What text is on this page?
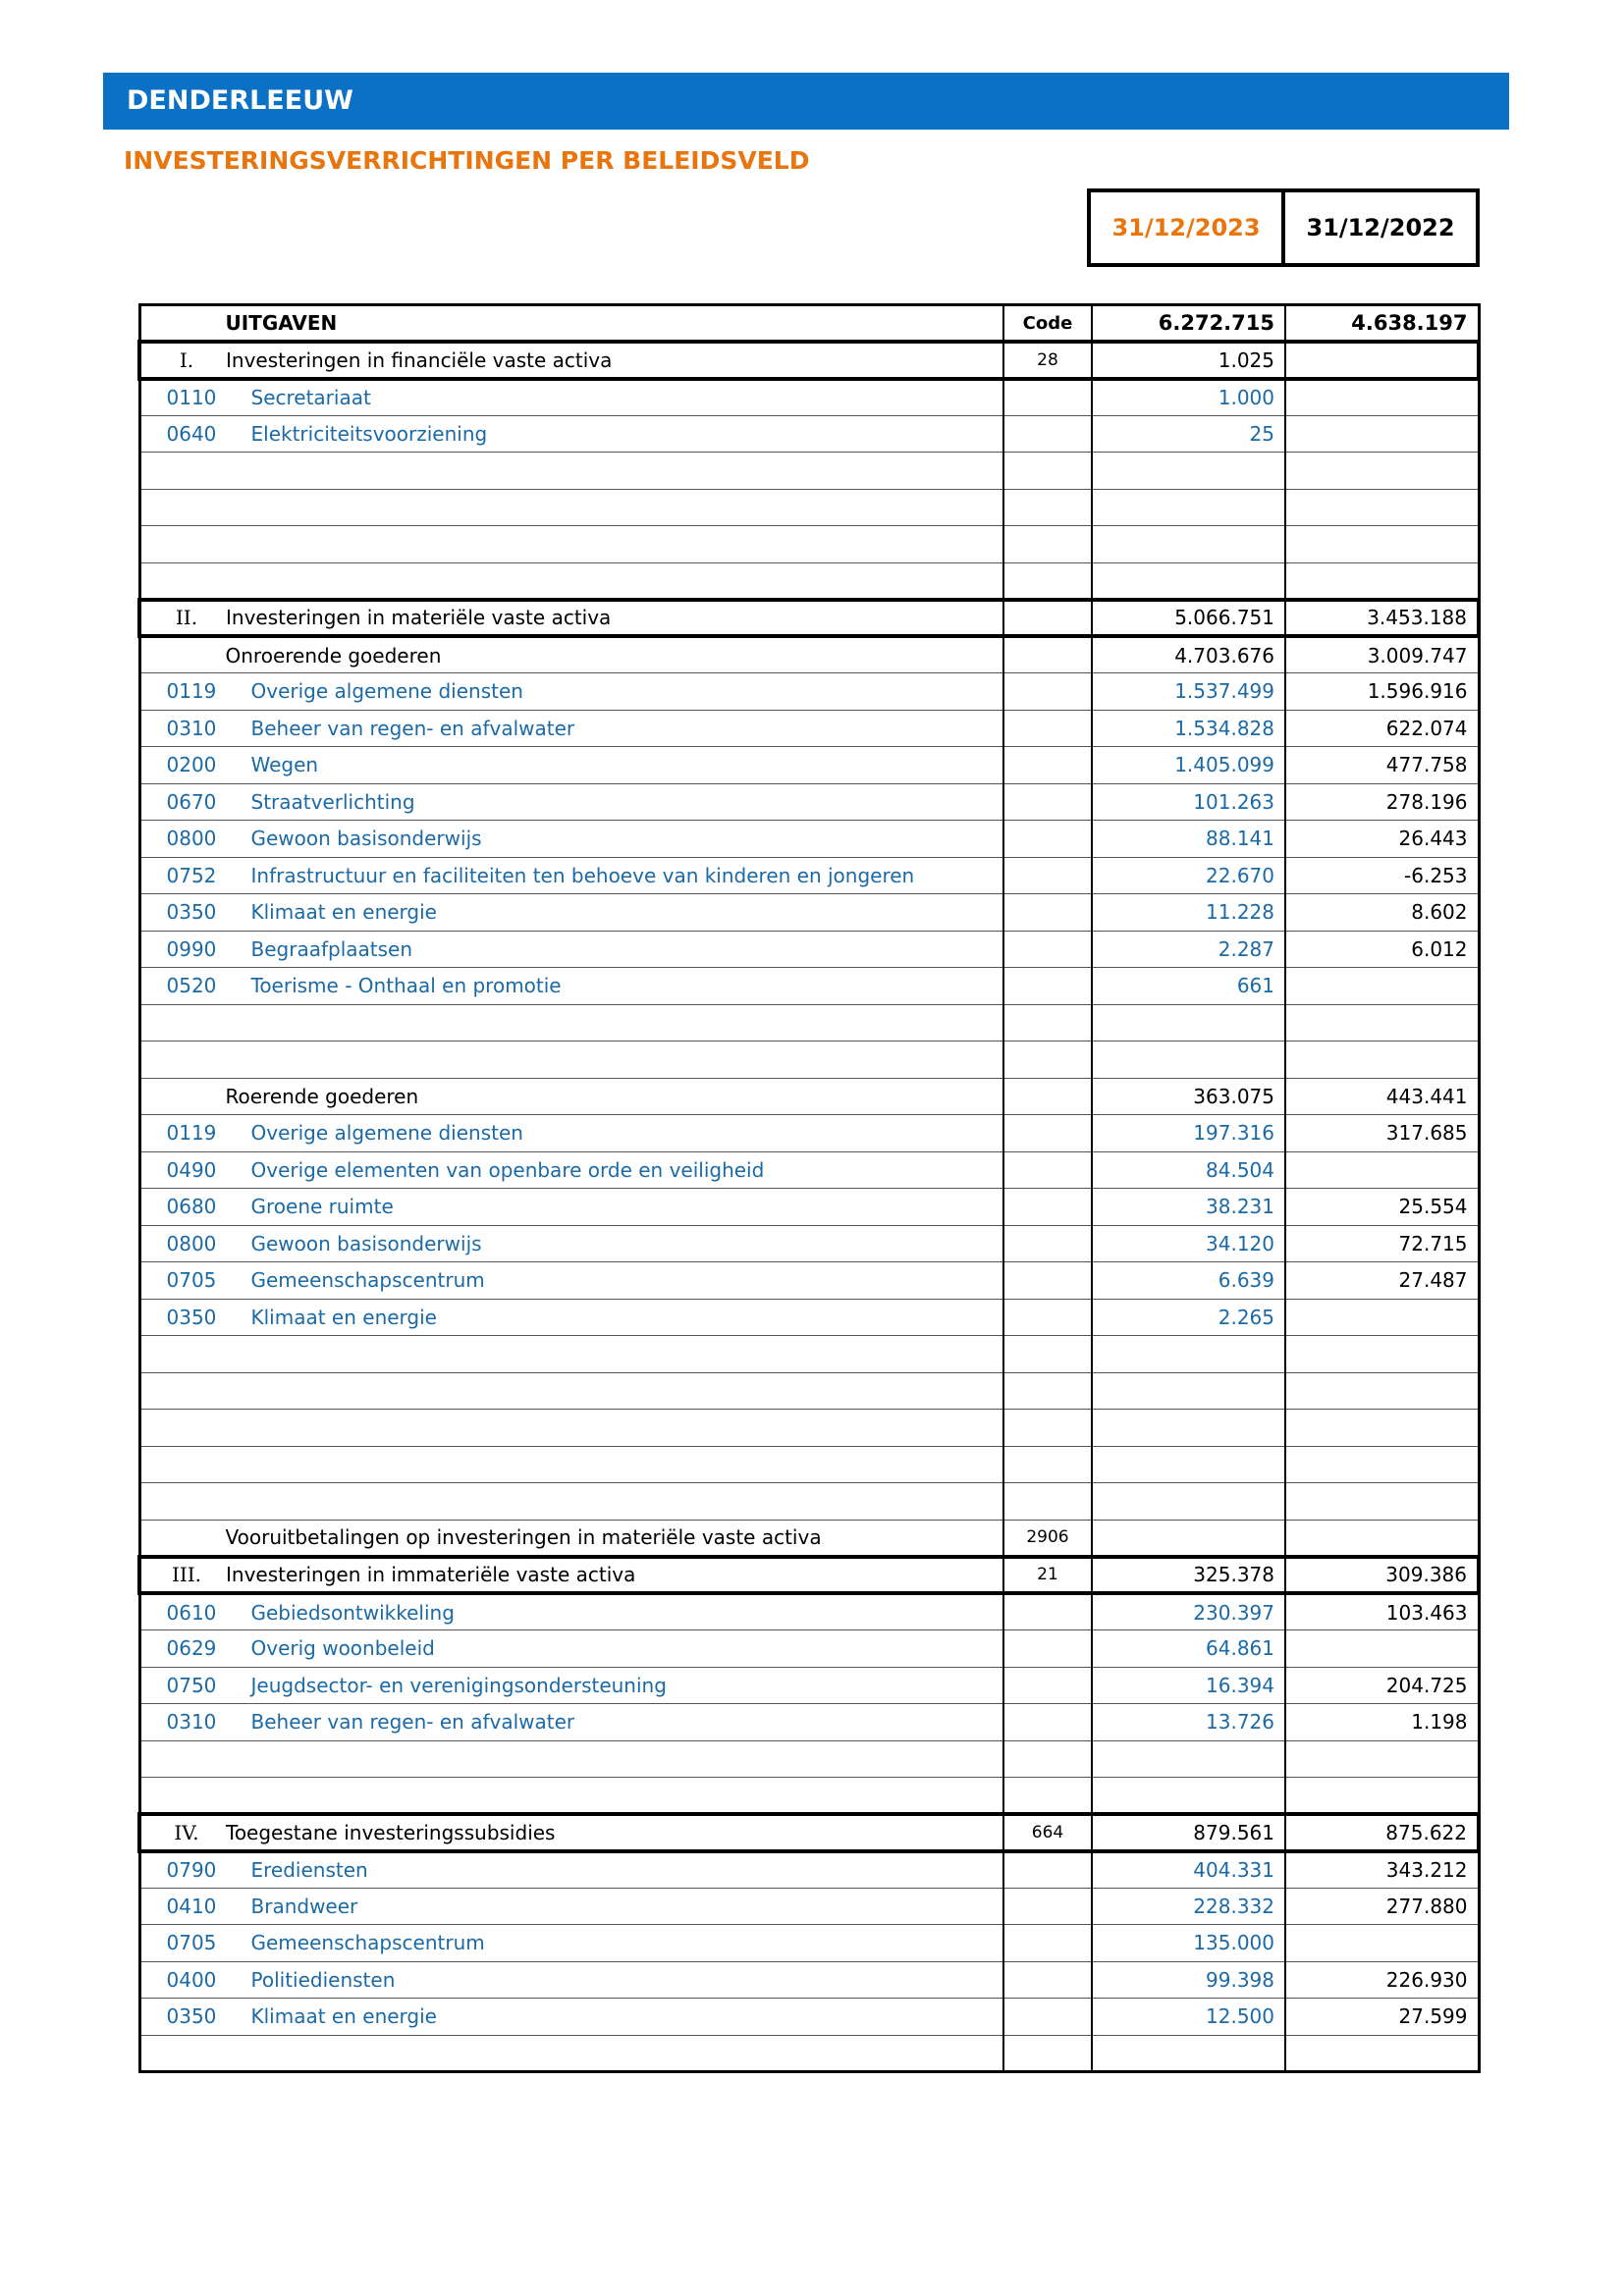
DENDERLEEUW
INVESTERINGSVERRICHTINGEN PER BELEIDSVELD
31/12/2023	31/12/2022
UITGAVEN	Code	6.272.715	4.638.197

I. Investeringen in financiële vaste activa	28	1.025	

0110 Secretariaat		1.000	

0640 Elektriciteitsvoorziening		25	

II. Investeringen in materiële vaste activa		5.066.751	3.453.188

Onroerende goederen		4.703.676	3.009.747

0119 Overige algemene diensten		1.537.499	1.596.916

0310 Beheer van regen- en afvalwater		1.534.828	622.074

0200 Wegen		1.405.099	477.758

0670 Straatverlichting		101.263	278.196

0800 Gewoon basisonderwijs		88.141	26.443

0752 Infrastructuur en faciliteiten ten behoeve van kinderen en jongeren		22.670	-6.253

0350 Klimaat en energie		11.228	8.602

0990 Begraafplaatsen		2.287	6.012

0520 Toerisme - Onthaal en promotie		661	

Roerende goederen		363.075	443.441

0119 Overige algemene diensten		197.316	317.685

0490 Overige elementen van openbare orde en veiligheid		84.504	

0680 Groene ruimte		38.231	25.554

0800 Gewoon basisonderwijs		34.120	72.715

0705 Gemeenschapscentrum		6.639	27.487

0350 Klimaat en energie		2.265	

Vooruitbetalingen op investeringen in materiële vaste activa	2906		

III. Investeringen in immateriële vaste activa	21	325.378	309.386

0610 Gebiedsontwikkeling		230.397	103.463

0629 Overig woonbeleid		64.861	

0750 Jeugdsector- en verenigingsondersteuning		16.394	204.725

0310 Beheer van regen- en afvalwater		13.726	1.198

IV. Toegestane investeringssubsidies	664	879.561	875.622

0790 Erediensten		404.331	343.212

0410 Brandweer		228.332	277.880

0705 Gemeenschapscentrum		135.000	

0400 Politiediensten		99.398	226.930

0350 Klimaat en energie		12.500	27.599
